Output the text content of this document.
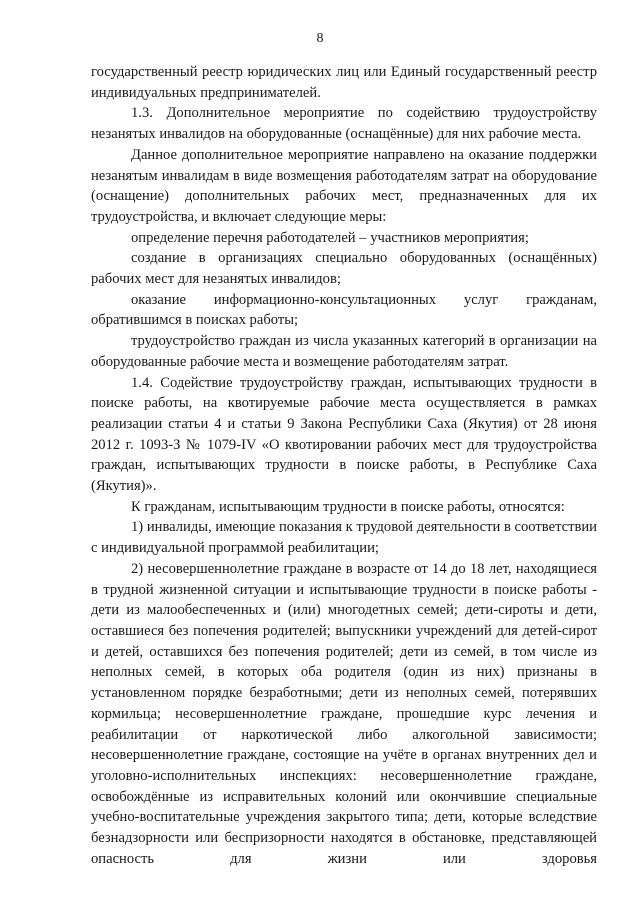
8

государственный реестр юридических лиц или Единый государственный реестр индивидуальных предпринимателей.

1.3. Дополнительное мероприятие по содействию трудоустройству незанятых инвалидов на оборудованные (оснащённые) для них рабочие места.

Данное дополнительное мероприятие направлено на оказание поддержки незанятым инвалидам в виде возмещения работодателям затрат на оборудование (оснащение) дополнительных рабочих мест, предназначенных для их трудоустройства, и включает следующие меры:

определение перечня работодателей – участников мероприятия;

создание в организациях специально оборудованных (оснащённых) рабочих мест для незанятых инвалидов;

оказание информационно-консультационных услуг гражданам, обратившимся в поисках работы;

трудоустройство граждан из числа указанных категорий в организации на оборудованные рабочие места и возмещение работодателям затрат.

1.4. Содействие трудоустройству граждан, испытывающих трудности в поиске работы, на квотируемые рабочие места осуществляется в рамках реализации статьи 4 и статьи 9 Закона Республики Саха (Якутия) от 28 июня 2012 г. 1093-З № 1079-IV «О квотировании рабочих мест для трудоустройства граждан, испытывающих трудности в поиске работы, в Республике Саха (Якутия)».

К гражданам, испытывающим трудности в поиске работы, относятся:

1) инвалиды, имеющие показания к трудовой деятельности в соответствии с индивидуальной программой реабилитации;

2) несовершеннолетние граждане в возрасте от 14 до 18 лет, находящиеся в трудной жизненной ситуации и испытывающие трудности в поиске работы - дети из малообеспеченных и (или) многодетных семей; дети-сироты и дети, оставшиеся без попечения родителей; выпускники учреждений для детей-сирот и детей, оставшихся без попечения родителей; дети из семей, в том числе из неполных семей, в которых оба родителя (один из них) признаны в установленном порядке безработными; дети из неполных семей, потерявших кормильца; несовершеннолетние граждане, прошедшие курс лечения и реабилитации от наркотической либо алкогольной зависимости; несовершеннолетние граждане, состоящие на учёте в органах внутренних дел и уголовно-исполнительных инспекциях: несовершеннолетние граждане, освобождённые из исправительных колоний или окончившие специальные учебно-воспитательные учреждения закрытого типа; дети, которые вследствие безнадзорности или беспризорности находятся в обстановке, представляющей опасность для жизни или здоровья
